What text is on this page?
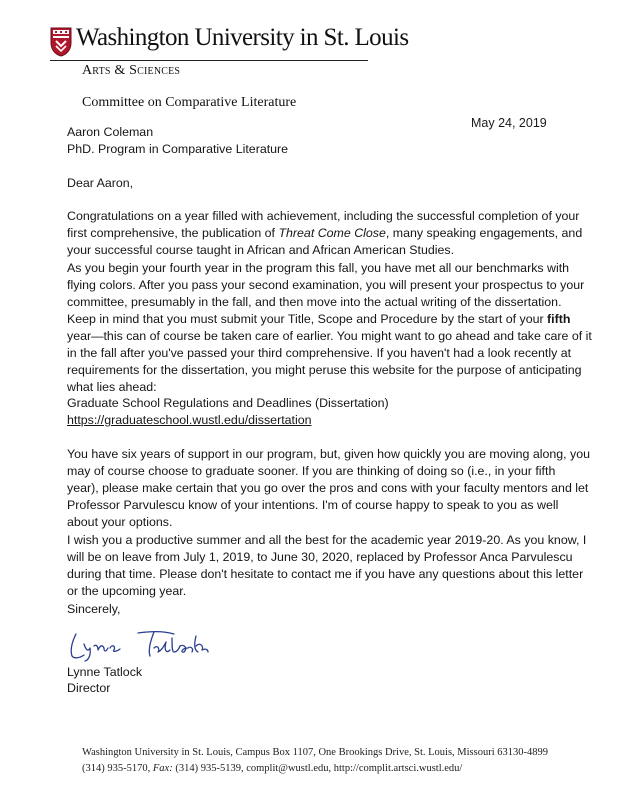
Washington University in St. Louis
Arts & Sciences
Committee on Comparative Literature
May 24, 2019
Aaron Coleman
PhD. Program in Comparative Literature
Dear Aaron,
Congratulations on a year filled with achievement, including the successful completion of your
first comprehensive, the publication of Threat Come Close, many speaking engagements, and
your successful course taught in African and African American Studies.
As you begin your fourth year in the program this fall, you have met all our benchmarks with
flying colors. After you pass your second examination, you will present your prospectus to your
committee, presumably in the fall, and then move into the actual writing of the dissertation.
Keep in mind that you must submit your Title, Scope and Procedure by the start of your fifth
year—this can of course be taken care of earlier. You might want to go ahead and take care of it
in the fall after you've passed your third comprehensive. If you haven't had a look recently at
requirements for the dissertation, you might peruse this website for the purpose of anticipating
what lies ahead:
Graduate School Regulations and Deadlines (Dissertation)
https://graduateschool.wustl.edu/dissertation
You have six years of support in our program, but, given how quickly you are moving along, you
may of course choose to graduate sooner. If you are thinking of doing so (i.e., in your fifth
year), please make certain that you go over the pros and cons with your faculty mentors and let
Professor Parvulescu know of your intentions. I'm of course happy to speak to you as well
about your options.
I wish you a productive summer and all the best for the academic year 2019-20. As you know, I
will be on leave from July 1, 2019, to June 30, 2020, replaced by Professor Anca Parvulescu
during that time. Please don't hesitate to contact me if you have any questions about this letter
or the upcoming year.
Sincerely,
Lynne Tatlock
Director
Washington University in St. Louis, Campus Box 1107, One Brookings Drive, St. Louis, Missouri 63130-4899
(314) 935-5170, Fax: (314) 935-5139, complit@wustl.edu, http://complit.artsci.wustl.edu/
